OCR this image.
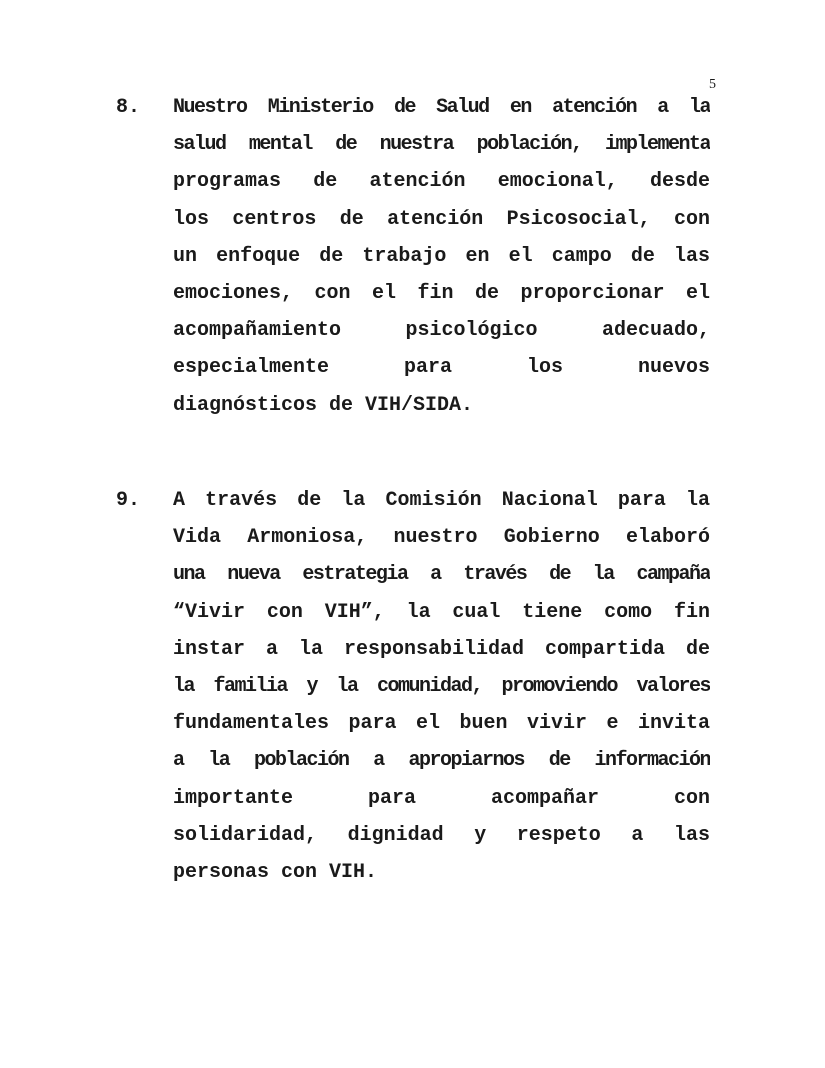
5
8. Nuestro Ministerio de Salud en atención a la
salud mental de nuestra población, implementa
programas de atención emocional, desde
los centros de atención Psicosocial, con
un enfoque de trabajo en el campo de las
emociones, con el fin de proporcionar el
acompañamiento psicológico adecuado,
especialmente para los nuevos
diagnósticos de VIH/SIDA.
9. A través de la Comisión Nacional para la
Vida Armoniosa, nuestro Gobierno elaboró
una nueva estrategia a través de la campaña
“Vivir con VIH”, la cual tiene como fin
instar a la responsabilidad compartida de
la familia y la comunidad, promoviendo valores
fundamentales para el buen vivir e invita
a la población a apropiarnos de información
importante para acompañar con
solidaridad, dignidad y respeto a las
personas con VIH.
